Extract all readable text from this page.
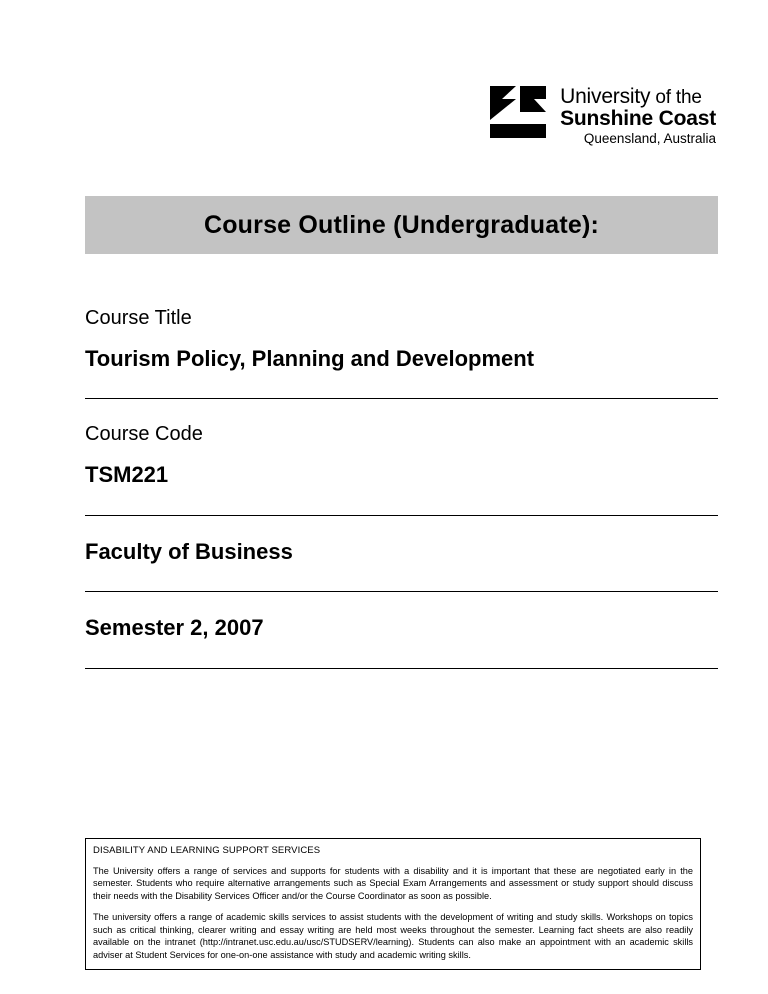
University of the
Sunshine Coast
Queensland, Australia
Course Outline (Undergraduate):
Course Title
Tourism Policy, Planning and Development
Course Code
TSM221
Faculty of Business
Semester 2, 2007
DISABILITY AND LEARNING SUPPORT SERVICES

The University offers a range of services and supports for students with a disability and it is important that these are negotiated early in the semester. Students who require alternative arrangements such as Special Exam Arrangements and assessment or study support should discuss their needs with the Disability Services Officer and/or the Course Coordinator as soon as possible.

The university offers a range of academic skills services to assist students with the development of writing and study skills. Workshops on topics such as critical thinking, clearer writing and essay writing are held most weeks throughout the semester. Learning fact sheets are also readily available on the intranet (http://intranet.usc.edu.au/usc/STUDSERV/learning). Students can also make an appointment with an academic skills adviser at Student Services for one-on-one assistance with study and academic writing skills.
